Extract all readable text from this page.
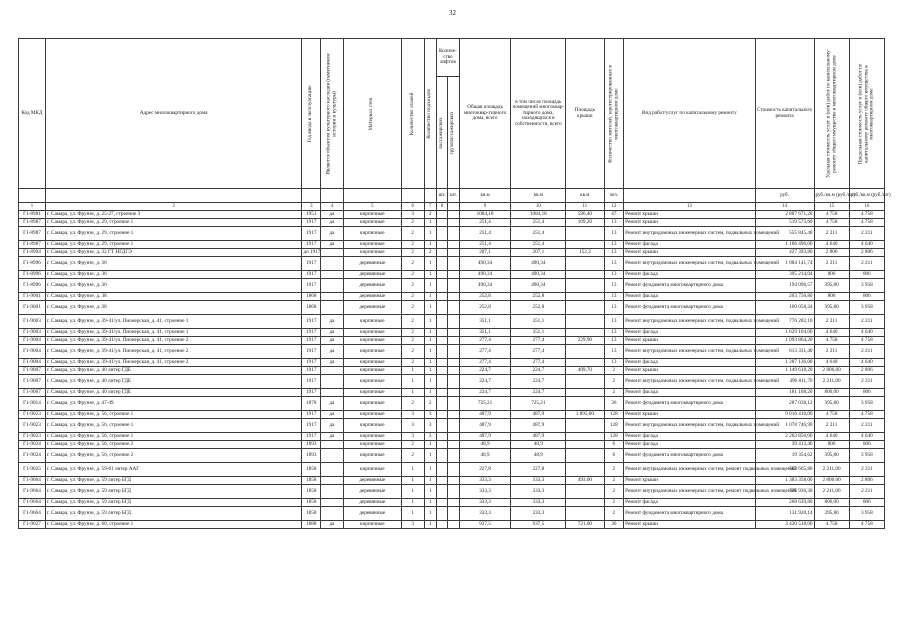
32
Код МКД	Адрес многоквартирного дома	Год ввода в эксплуатацию	Является объектом культурного наследия (памятником истории и культуры)	Материал стен	Количество этажей	Количество подъездов	Количе-ство лифтов		Общая площадь многоквар-тирного дома, всего	в том числе площадь помещений многоквар-тирного дома, находящихся в собственности, всего	Площадь крыши	Количество жителей, зарегистрированных в многоквартирном доме	Вид работ/услуг по капитальному ремонту	Стоимость капитального ремонта	Удельная стоимость услуг и (или) работ по капитальному ремонту общего имущества в многоквартирном доме	Предельная стоимость услуг и (или) работ по капитальному ремонту общего имущества в многоквартирном доме

							пассажирских	грузопассажирских								

							шт.	шт.	кв.м	кв.м	кв.м	чел.		руб.	руб./кв.м (руб./шт)	руб./кв.м (руб./шт)
1	2	3	4	5	6	7	8		9	10	11	12	13	14	15	16
Г1-8981	г. Самара, ул. Фрунзе, д. 25-27, строение 3	1951	да	кирпичные	3	2			1084,18	1084,18	596,40	47	Ремонт крыши	2 887 671,20	4 758	4 758
Г1-8987	г. Самара, ул. Фрунзе, д. 29, строение 1	1917	да	кирпичные	2	1			251,4	251,4	109,20	13	Ремонт крыши	519 573,60	4 758	4 758
Г1-8987	г. Самара, ул. Фрунзе, д. 29, строение 1	1917	да	кирпичные	2	1			251,4	251,4		13	Ремонт внутридомовых инженерных систем, подвальных помещений	555 845,40	2 211	2 211
Г1-8987	г. Самара, ул. Фрунзе, д. 29, строение 1	1917	да	кирпичные	2	1			251,4	251,4		13	Ремонт фасада	1 166 496,00	4 640	4 640
Г1-8994	г. Самара, ул. Фрунзе, д. 32 ГТ НГДГЭ	до 1917		кирпичные	2	2			207,1	207,1	152,3	13	Ремонт крыши	427 393,80	2 806	2 806
Г1-8996	г. Самара, ул. Фрунзе, д. 36	1917		деревянные	2	1			490,34	490,34		13	Ремонт внутридомовых инженерных систем, подвальных помещений	1 084 141,74	2 211	2 211
Г1-8996	г. Самара, ул. Фрунзе, д. 36	1917		деревянные	2	1			490,34	490,34		13	Ремонт фасада	395 214,04	806	806
Г1-8996	г. Самара, ул. Фрунзе, д. 36	1917		деревянные	2	1			490,34	490,34		13	Ремонт фундамента многоквартирного дома	194 096,57	395,80	3 958
Г1-9001	г. Самара, ул. Фрунзе, д. 38	1868		деревянные	2	1			252,8	252,8		13	Ремонт фасада	203 756,80	806	806
Г1-9001	г. Самара, ул. Фрунзе, д. 38	1868		деревянные	2	1			252,8	252,8		13	Ремонт фундамента многоквартирного дома	100 058,24	395,80	3 958
Г1-9003	г. Самара, ул. Фрунзе, д. 39-41/ул. Пионерская, д. 41, строение 1	1917	да	кирпичные	2	1			351,1	351,1		13	Ремонт внутридомовых инженерных систем, подвальных помещений	776 282,10	2 211	2 211
Г1-9003	г. Самара, ул. Фрунзе, д. 39-41/ул. Пионерская, д. 41, строение 1	1917	да	кирпичные	2	1			351,1	351,1		13	Ремонт фасада	1 629 104,00	4 640	4 640
Г1-9004	г. Самара, ул. Фрунзе, д. 39-41/ул. Пионерская, д. 41, строение 2	1917	да	кирпичные	2	1			277,4	277,4	229,90	13	Ремонт крыши	1 093 864,20	4 758	4 758
Г1-9004	г. Самара, ул. Фрунзе, д. 39-41/ул. Пионерская, д. 41, строение 2	1917	да	кирпичные	2	1			277,4	277,4		13	Ремонт внутридомовых инженерных систем, подвальных помещений	613 331,40	2 211	2 211
Г1-9004	г. Самара, ул. Фрунзе, д. 39-41/ул. Пионерская, д. 41, строение 2	1917	да	кирпичные	2	1			277,4	277,4		13	Ремонт фасада	1 287 136,00	4 640	4 640
Г1-9007	г. Самара, ул. Фрунзе, д. 40 литер ГДЕ	1917		кирпичные	1	1			224,7	224,7	409,70	2	Ремонт крыши	1 149 618,20	2 806,00	2 806
Г1-9007	г. Самара, ул. Фрунзе, д. 40 литер ГДЕ	1917		кирпичные	1	1			224,7	224,7		2	Ремонт внутридомовых инженерных систем, подвальных помещений	496 811,70	2 211,00	2 211
Г1-9007	г. Самара, ул. Фрунзе, д. 40 литер ГДЕ	1917		кирпичные	1	1			224,7	224,7		2	Ремонт фасада	181 108,20	806,00	806
Г1-9014	г. Самара, ул. Фрунзе, д. 47-49	1878	да	кирпичные	2	2			725,21	725,21		36	Ремонт фундамента многоквартирного дома	287 038,12	395,80	3 958
Г1-9023	г. Самара, ул. Фрунзе, д. 56, строение 1	1917	да	кирпичные	3	3			487,9	487,9	1 895,00	128	Ремонт крыши	9 016 410,00	4 758	4 758
Г1-9023	г. Самара, ул. Фрунзе, д. 56, строение 1	1917	да	кирпичные	3	3			487,9	487,9		128	Ремонт внутридомовых инженерных систем, подвальных помещений	1 078 746,90	2 211	2 211
Г1-9023	г. Самара, ул. Фрунзе, д. 56, строение 1	1917	да	кирпичные	3	3			487,9	487,9		128	Ремонт фасада	2 263 856,00	4 640	4 640
Г1-9024	г. Самара, ул. Фрунзе, д. 56, строение 2	1893		кирпичные	2	1			48,9	48,9		6	Ремонт фасада	39 413,40	806	806
Г1-9024	г. Самара, ул. Фрунзе, д. 56, строение 2	1893		кирпичные	2	1			48,9	48,9		6	Ремонт фундамента многоквартирного дома	19 354,62	395,80	3 958
Г1-9025	г. Самара, ул. Фрунзе, д. 59-61 литер ААГ	1858		кирпичные	1	1			227,8	227,8		2	Ремонт внутридомовых инженерных систем, ремонт подвальных помещений	503 665,80	2 211,00	2 211
Г1-9664	г. Самара, ул. Фрунзе, д. 59 литер БГД	1858		деревянные	1	1			333,3	333,3	493,00	2	Ремонт крыши	1 383 358,00	2 806,00	2 806
Г1-9664	г. Самара, ул. Фрунзе, д. 59 литер БГД	1858		деревянные	1	1			333,3	333,3		2	Ремонт внутридомовых инженерных систем, ремонт подвальных помещений	736 936,30	2 211,00	2 211
Г1-9664	г. Самара, ул. Фрунзе, д. 59 литер БГД	1858		деревянные	1	1			333,3	333,3		2	Ремонт фасада	268 639,80	806,00	806
Г1-9664	г. Самара, ул. Фрунзе, д. 59 литер БГД	1858		деревянные	1	1			333,3	333,3		2	Ремонт фундамента многоквартирного дома	131 920,14	395,80	3 958
Г1-9027	г. Самара, ул. Фрунзе, д. 60, строение 1	1888	да	кирпичные	3	1			937,5	937,5	721,00	36	Ремонт крыши	3 430 518,00	4 758	4 758
